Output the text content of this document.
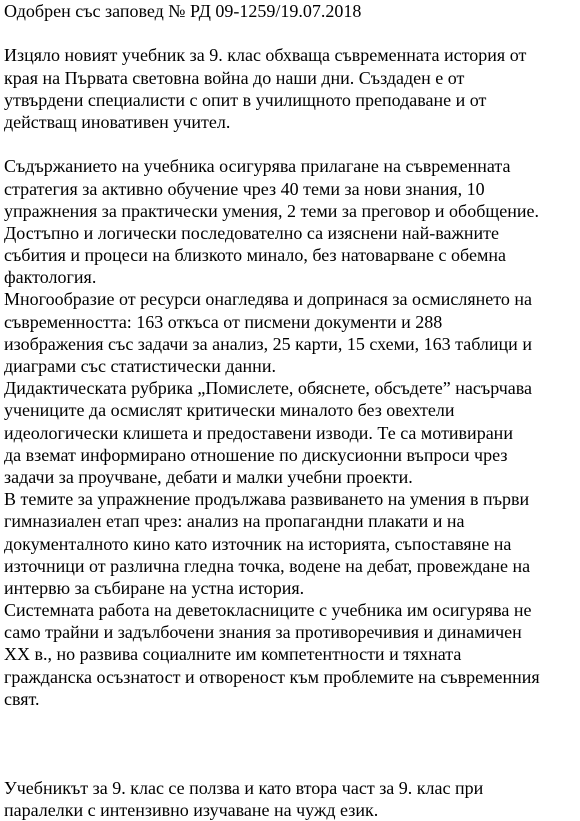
Одобрен със заповед № РД 09-1259/19.07.2018
Изцяло новият учебник за 9. клас обхваща съвременната история от
края на Първата световна война до наши дни. Създаден е от
утвърдени специалисти с опит в училищното преподаване и от
действащ иновативен учител.
Съдържанието на учебника осигурява прилагане на съвременната
стратегия за активно обучение чрез 40 теми за нови знания, 10
упражнения за практически умения, 2 теми за преговор и обобщение.
Достъпно и логически последователно са изяснени най-важните
събития и процеси на близкото минало, без натоварване с обемна
фактология.
Многообразие от ресурси онагледява и допринася за осмислянето на
съвременността: 163 откъса от писмени документи и 288
изображения със задачи за анализ, 25 карти, 15 схеми, 163 таблици и
диаграми със статистически данни.
Дидактическата рубрика „Помислете, обяснете, обсъдете” насърчава
учениците да осмислят критически миналото без овехтели
идеологически клишета и предоставени изводи. Те са мотивирани
да вземат информирано отношение по дискусионни въпроси чрез
задачи за проучване, дебати и малки учебни проекти.
В темите за упражнение продължава развиването на умения в първи
гимназиален етап чрез: анализ на пропагандни плакати и на
документалното кино като източник на историята, съпоставяне на
източници от различна гледна точка, водене на дебат, провеждане на
интервю за събиране на устна история.
Системната работа на деветокласниците с учебника им осигурява не
само трайни и задълбочени знания за противоречивия и динамичен
XX в., но развива социалните им компетентности и тяхната
гражданска осъзнатост и отвореност към проблемите на съвременния
свят.
Учебникът за 9. клас се ползва и като втора част за 9. клас при
паралелки с интензивно изучаване на чужд език.
